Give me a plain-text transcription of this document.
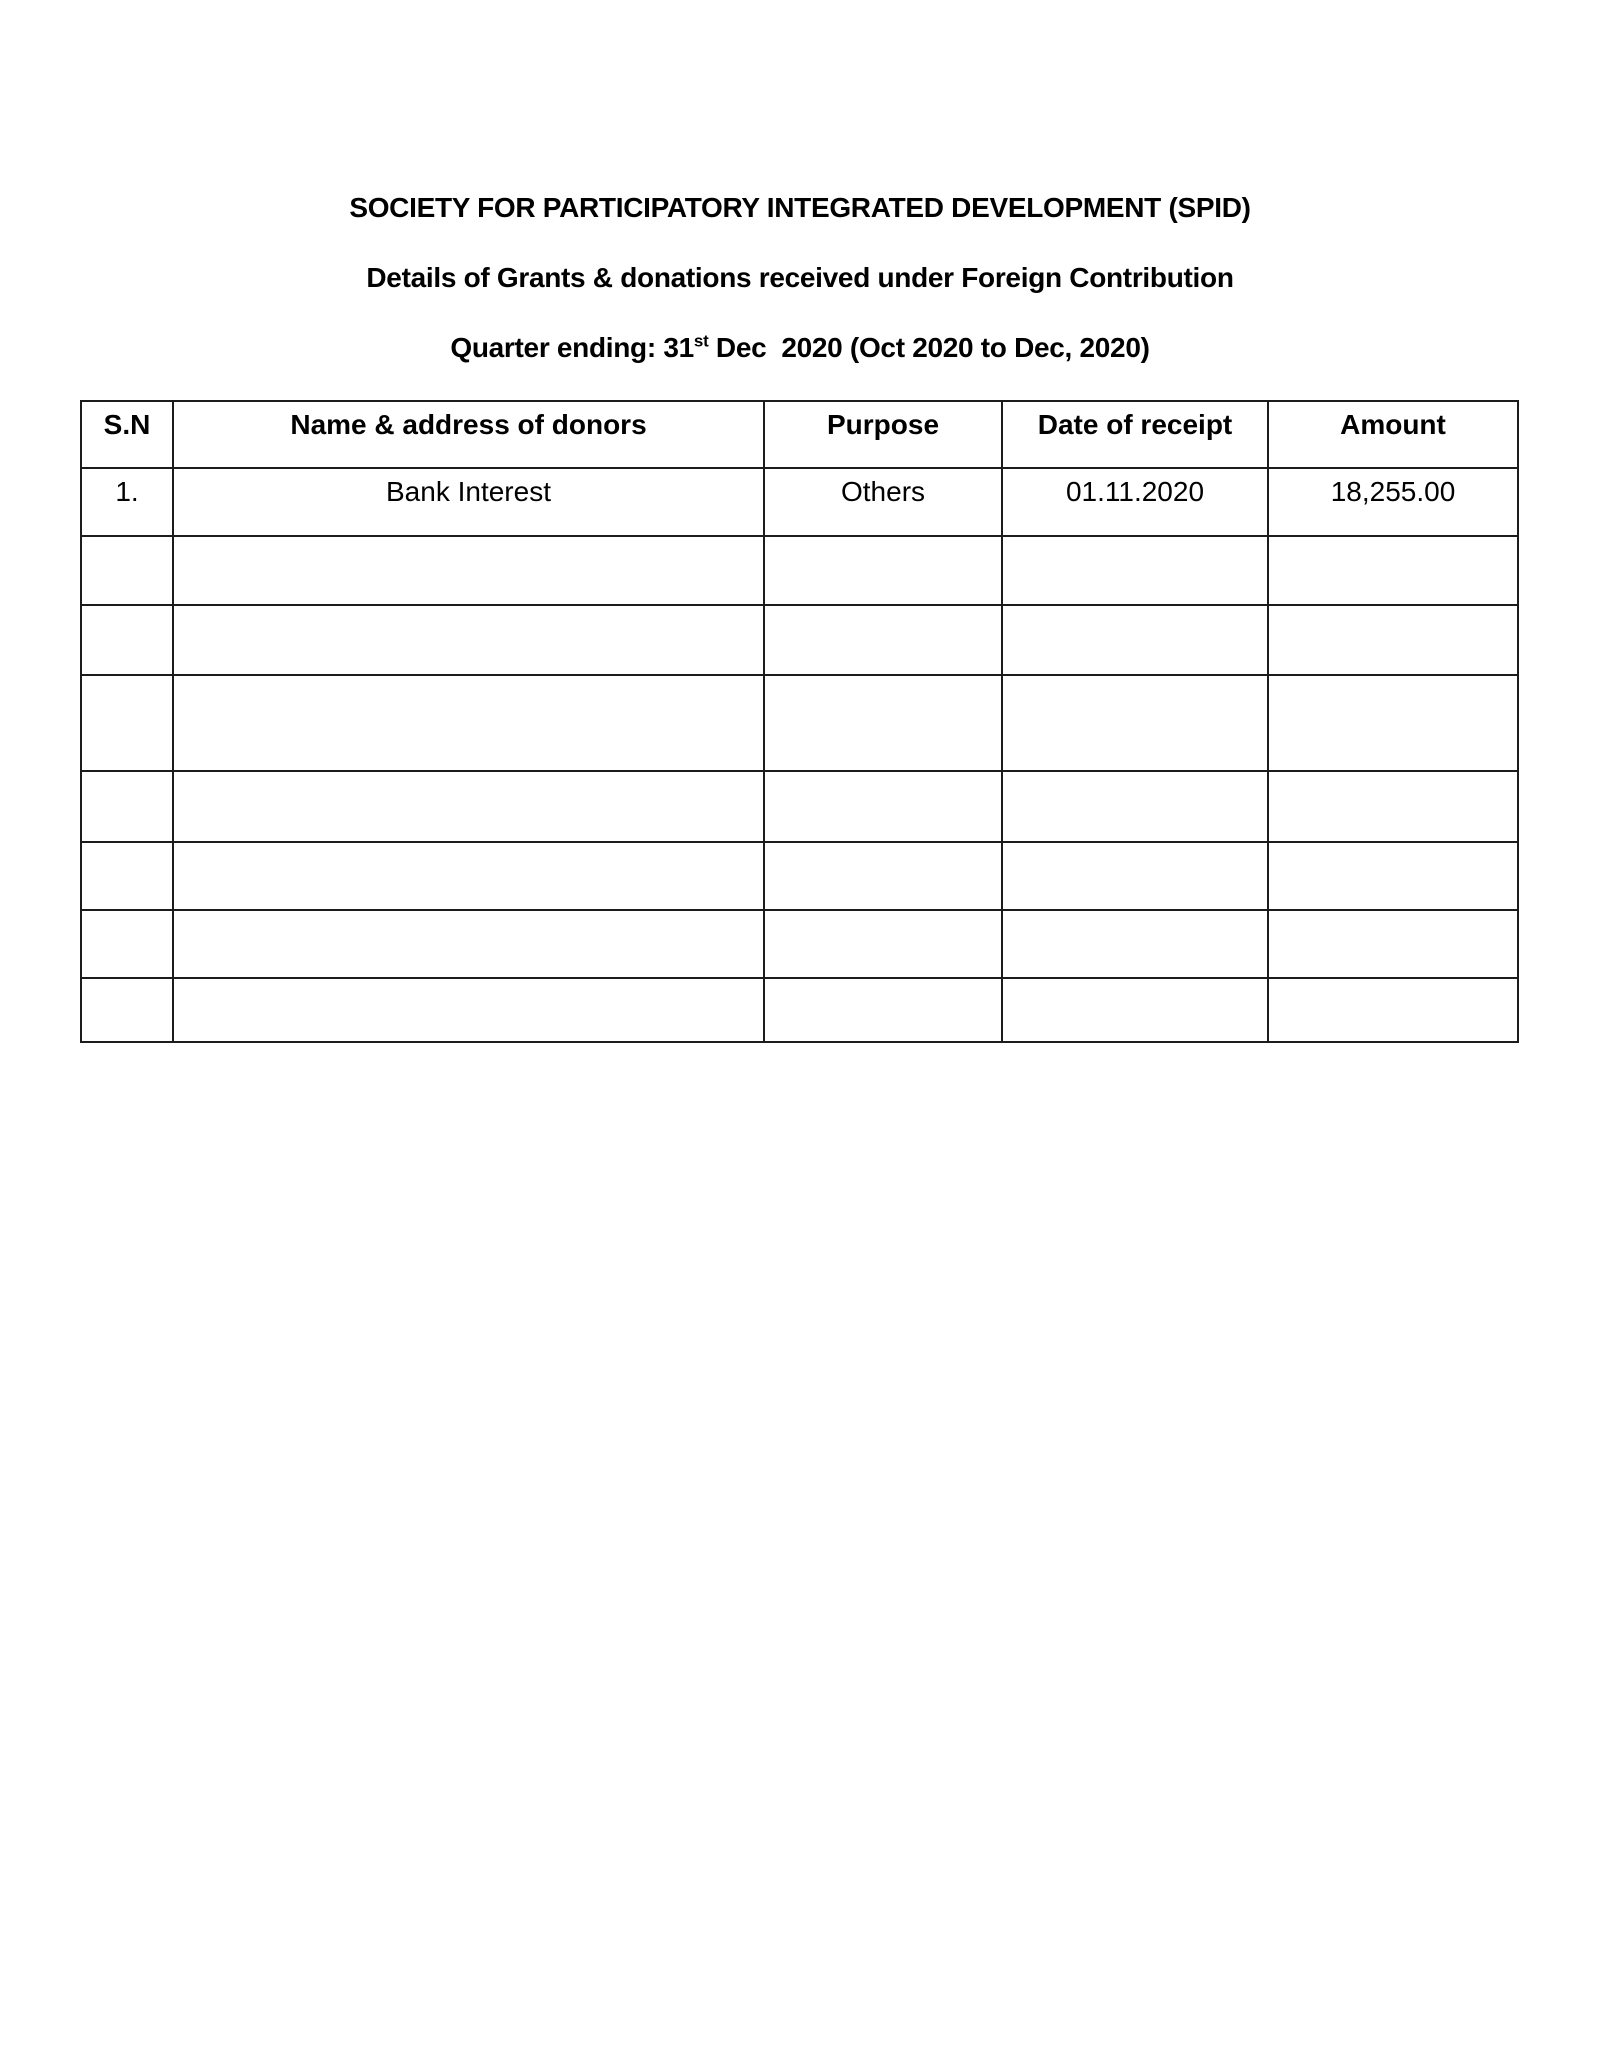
SOCIETY FOR PARTICIPATORY INTEGRATED DEVELOPMENT (SPID)
Details of Grants & donations received under Foreign Contribution
Quarter ending: 31st Dec  2020 (Oct 2020 to Dec, 2020)
S.N	Name & address of donors	Purpose	Date of receipt	Amount
1.	Bank Interest	Others	01.11.2020	18,255.00
